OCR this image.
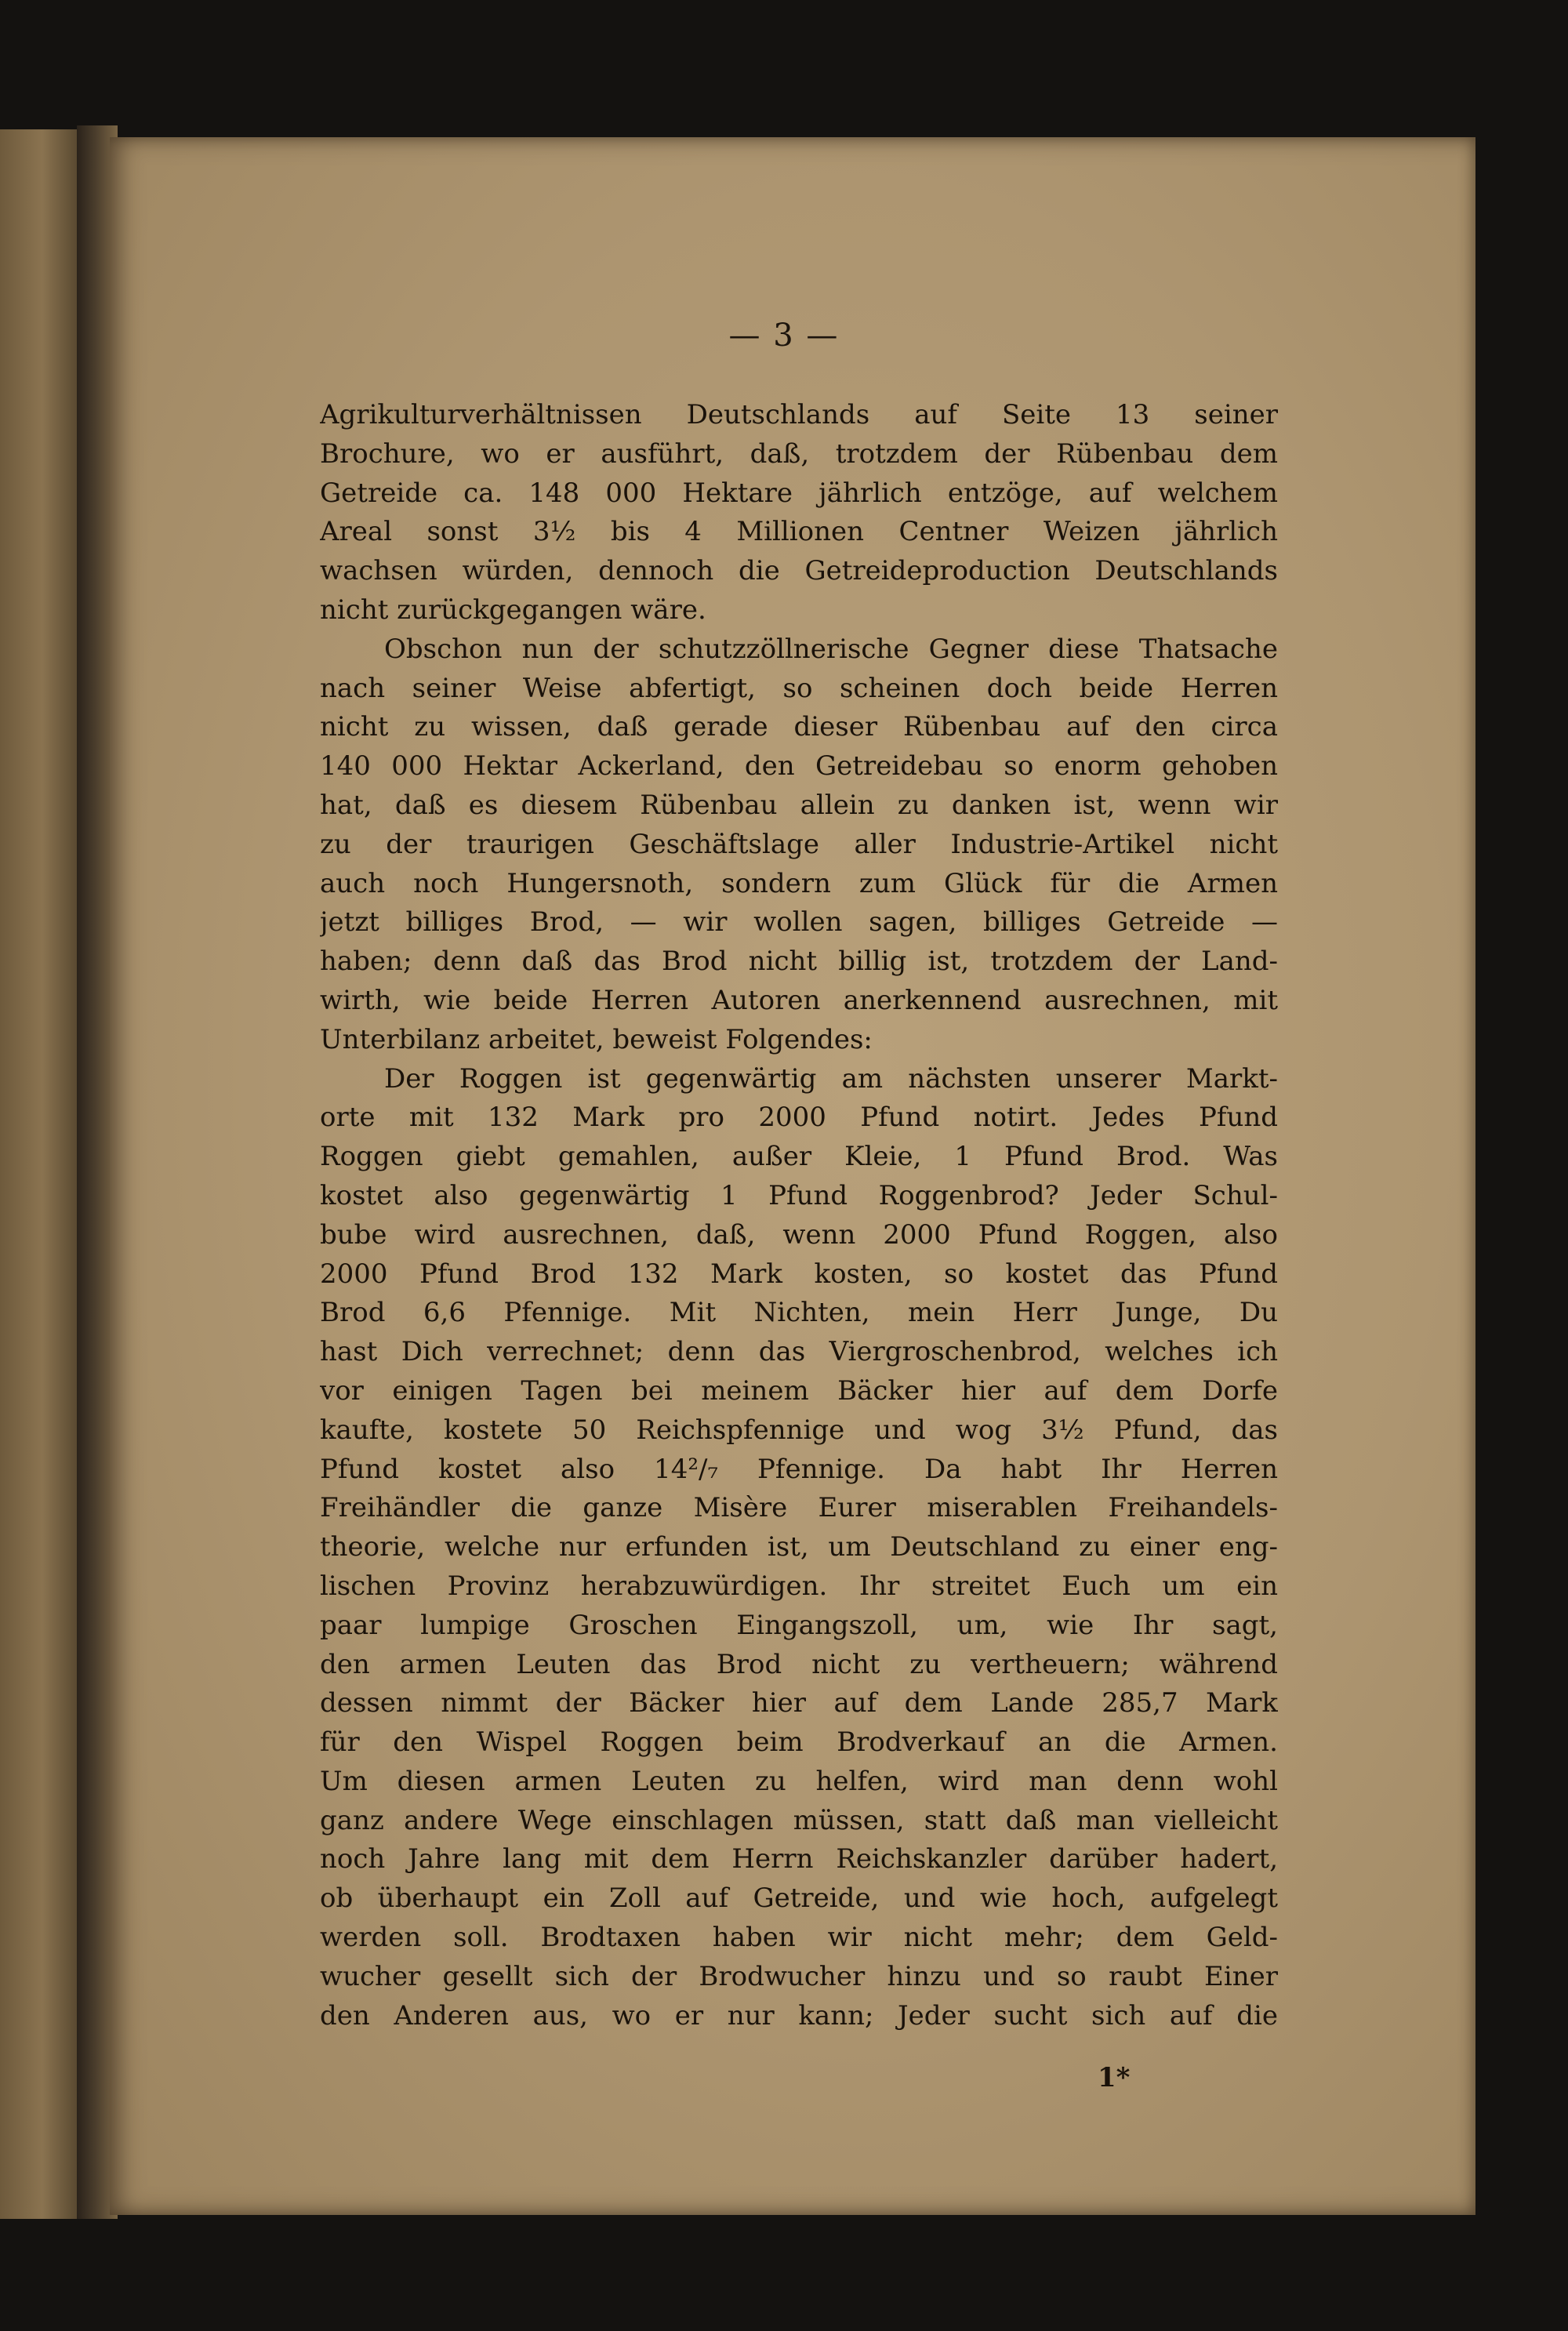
— 3 —
Agrikulturverhältnissen Deutschlands auf Seite 13 seiner
Brochure, wo er ausführt, daß, trotzdem der Rübenbau dem
Getreide ca. 148 000 Hektare jährlich entzöge, auf welchem
Areal sonst 3½ bis 4 Millionen Centner Weizen jährlich
wachsen würden, dennoch die Getreideproduction Deutschlands
nicht zurückgegangen wäre.
Obschon nun der schutzzöllnerische Gegner diese Thatsache
nach seiner Weise abfertigt, so scheinen doch beide Herren
nicht zu wissen, daß gerade dieser Rübenbau auf den circa
140 000 Hektar Ackerland, den Getreidebau so enorm gehoben
hat, daß es diesem Rübenbau allein zu danken ist, wenn wir
zu der traurigen Geschäftslage aller Industrie-Artikel nicht
auch noch Hungersnoth, sondern zum Glück für die Armen
jetzt billiges Brod, — wir wollen sagen, billiges Getreide —
haben; denn daß das Brod nicht billig ist, trotzdem der Land-
wirth, wie beide Herren Autoren anerkennend ausrechnen, mit
Unterbilanz arbeitet, beweist Folgendes:
Der Roggen ist gegenwärtig am nächsten unserer Markt-
orte mit 132 Mark pro 2000 Pfund notirt. Jedes Pfund
Roggen giebt gemahlen, außer Kleie, 1 Pfund Brod. Was
kostet also gegenwärtig 1 Pfund Roggenbrod? Jeder Schul-
bube wird ausrechnen, daß, wenn 2000 Pfund Roggen, also
2000 Pfund Brod 132 Mark kosten, so kostet das Pfund
Brod 6,6 Pfennige. Mit Nichten, mein Herr Junge, Du
hast Dich verrechnet; denn das Viergroschenbrod, welches ich
vor einigen Tagen bei meinem Bäcker hier auf dem Dorfe
kaufte, kostete 50 Reichspfennige und wog 3½ Pfund, das
Pfund kostet also 14²/₇ Pfennige. Da habt Ihr Herren
Freihändler die ganze Misère Eurer miserablen Freihandels-
theorie, welche nur erfunden ist, um Deutschland zu einer eng-
lischen Provinz herabzuwürdigen. Ihr streitet Euch um ein
paar lumpige Groschen Eingangszoll, um, wie Ihr sagt,
den armen Leuten das Brod nicht zu vertheuern; während
dessen nimmt der Bäcker hier auf dem Lande 285,7 Mark
für den Wispel Roggen beim Brodverkauf an die Armen.
Um diesen armen Leuten zu helfen, wird man denn wohl
ganz andere Wege einschlagen müssen, statt daß man vielleicht
noch Jahre lang mit dem Herrn Reichskanzler darüber hadert,
ob überhaupt ein Zoll auf Getreide, und wie hoch, aufgelegt
werden soll. Brodtaxen haben wir nicht mehr; dem Geld-
wucher gesellt sich der Brodwucher hinzu und so raubt Einer
den Anderen aus, wo er nur kann; Jeder sucht sich auf die
1*
